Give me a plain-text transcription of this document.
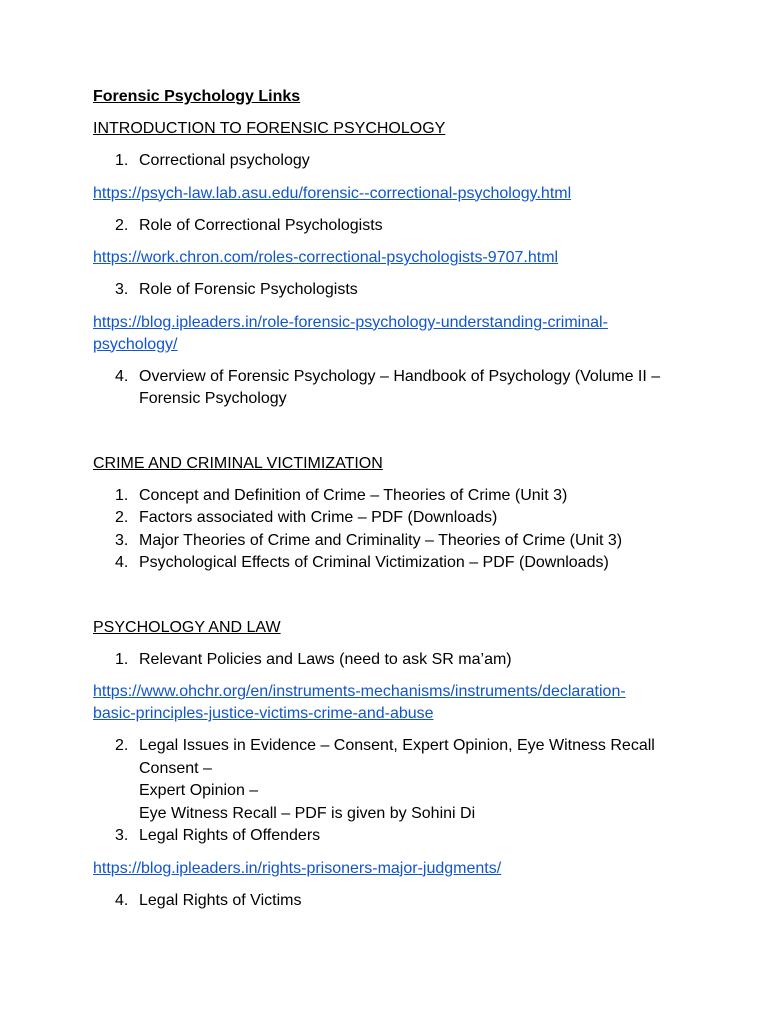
Forensic Psychology Links
INTRODUCTION TO FORENSIC PSYCHOLOGY
1. Correctional psychology
https://psych-law.lab.asu.edu/forensic--correctional-psychology.html
2. Role of Correctional Psychologists
https://work.chron.com/roles-correctional-psychologists-9707.html
3. Role of Forensic Psychologists
https://blog.ipleaders.in/role-forensic-psychology-understanding-criminal-
psychology/
4. Overview of Forensic Psychology – Handbook of Psychology (Volume II –
Forensic Psychology
CRIME AND CRIMINAL VICTIMIZATION
1. Concept and Definition of Crime – Theories of Crime (Unit 3)
2. Factors associated with Crime – PDF (Downloads)
3. Major Theories of Crime and Criminality – Theories of Crime (Unit 3)
4. Psychological Effects of Criminal Victimization – PDF (Downloads)
PSYCHOLOGY AND LAW
1. Relevant Policies and Laws (need to ask SR ma’am)
https://www.ohchr.org/en/instruments-mechanisms/instruments/declaration-
basic-principles-justice-victims-crime-and-abuse
2. Legal Issues in Evidence – Consent, Expert Opinion, Eye Witness Recall
Consent –
Expert Opinion –
Eye Witness Recall – PDF is given by Sohini Di
3. Legal Rights of Offenders
https://blog.ipleaders.in/rights-prisoners-major-judgments/
4. Legal Rights of Victims
